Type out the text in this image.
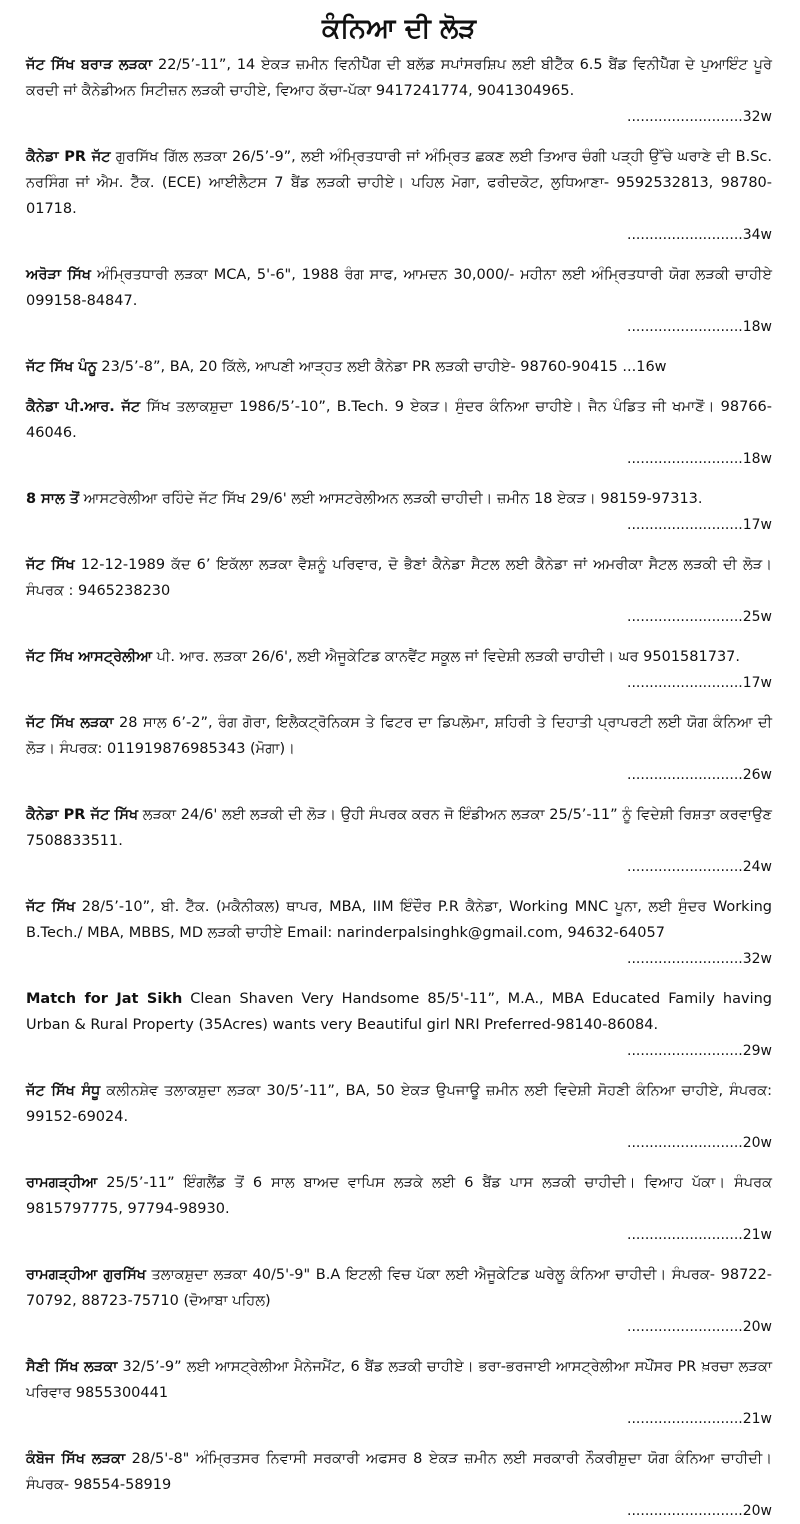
ਕੰਨਿਆ ਦੀ ਲੋੜ

ਜੱਟ ਸਿੱਖ ਬਰਾੜ ਲੜਕਾ 22/5’-11”, 14 ਏਕੜ ਜ਼ਮੀਨ ਵਿਨੀਪੈੱਗ ਦੀ ਬਲੱਡ ਸਪਾਂਸਰਸ਼ਿਪ ਲਈ ਬੀਟੈੱਕ 6.5 ਬੈਂਡ ਵਿਨੀਪੈੱਗ ਦੇ ਪੁਆਇੰਟ ਪੂਰੇ ਕਰਦੀ ਜਾਂ ਕੈਨੇਡੀਅਨ ਸਿਟੀਜ਼ਨ ਲੜਕੀ ਚਾਹੀਏ, ਵਿਆਹ ਕੱਚਾ-ਪੱਕਾ 9417241774, 9041304965.

..........................32w

ਕੈਨੇਡਾ PR ਜੱਟ ਗੁਰਸਿੱਖ ਗਿੱਲ ਲੜਕਾ 26/5’-9”, ਲਈ ਅੰਮ੍ਰਿਤਧਾਰੀ ਜਾਂ ਅੰਮ੍ਰਿਤ ਛਕਣ ਲਈ ਤਿਆਰ ਚੰਗੀ ਪੜ੍ਹੀ ਉੱਚੇ ਘਰਾਣੇ ਦੀ B.Sc. ਨਰਸਿੰਗ ਜਾਂ ਐਮ. ਟੈੱਕ. (ECE) ਆਈਲੈਟਸ 7 ਬੈਂਡ ਲੜਕੀ ਚਾਹੀਏ। ਪਹਿਲ ਮੋਗਾ, ਫਰੀਦਕੋਟ, ਲੁਧਿਆਣਾ- 9592532813, 98780-01718.

..........................34w

ਅਰੋੜਾ ਸਿੱਖ ਅੰਮ੍ਰਿਤਧਾਰੀ ਲੜਕਾ MCA, 5'-6", 1988 ਰੰਗ ਸਾਫ, ਆਮਦਨ 30,000/- ਮਹੀਨਾ ਲਈ ਅੰਮ੍ਰਿਤਧਾਰੀ ਯੋਗ ਲੜਕੀ ਚਾਹੀਏ 099158-84847.

..........................18w

ਜੱਟ ਸਿੱਖ ਪੰਨੂ 23/5’-8”, BA, 20 ਕਿੱਲੇ, ਆਪਣੀ ਆੜ੍ਹਤ ਲਈ ਕੈਨੇਡਾ PR ਲੜਕੀ ਚਾਹੀਏ- 98760-90415 ...16w

ਕੈਨੇਡਾ ਪੀ.ਆਰ. ਜੱਟ ਸਿੱਖ ਤਲਾਕਸ਼ੁਦਾ 1986/5’-10”, B.Tech. 9 ਏਕੜ। ਸੁੰਦਰ ਕੰਨਿਆ ਚਾਹੀਏ। ਜੈਨ ਪੰਡਿਤ ਜੀ ਖਮਾਣੋਂ। 98766-46046.

..........................18w

8 ਸਾਲ ਤੋਂ ਆਸਟਰੇਲੀਆ ਰਹਿੰਦੇ ਜੱਟ ਸਿੱਖ 29/6' ਲਈ ਆਸਟਰੇਲੀਅਨ ਲੜਕੀ ਚਾਹੀਦੀ। ਜ਼ਮੀਨ 18 ਏਕੜ। 98159-97313.

..........................17w

ਜੱਟ ਸਿੱਖ 12-12-1989 ਕੱਦ 6’ ਇਕੱਲਾ ਲੜਕਾ ਵੈਸ਼ਨੂੰ ਪਰਿਵਾਰ, ਦੋ ਭੈਣਾਂ ਕੈਨੇਡਾ ਸੈਟਲ ਲਈ ਕੈਨੇਡਾ ਜਾਂ ਅਮਰੀਕਾ ਸੈਟਲ ਲੜਕੀ ਦੀ ਲੋੜ। ਸੰਪਰਕ : 9465238230

..........................25w

ਜੱਟ ਸਿੱਖ ਆਸਟ੍ਰੇਲੀਆ ਪੀ. ਆਰ. ਲੜਕਾ 26/6', ਲਈ ਐਜੂਕੇਟਿਡ ਕਾਨਵੈਂਟ ਸਕੂਲ ਜਾਂ ਵਿਦੇਸ਼ੀ ਲੜਕੀ ਚਾਹੀਦੀ। ਘਰ 9501581737.

..........................17w

ਜੱਟ ਸਿੱਖ ਲੜਕਾ 28 ਸਾਲ 6’-2”, ਰੰਗ ਗੋਰਾ, ਇਲੈਕਟ੍ਰੋਨਿਕਸ ਤੇ ਫਿਟਰ ਦਾ ਡਿਪਲੋਮਾ, ਸ਼ਹਿਰੀ ਤੇ ਦਿਹਾਤੀ ਪ੍ਰਾਪਰਟੀ ਲਈ ਯੋਗ ਕੰਨਿਆ ਦੀ ਲੋੜ। ਸੰਪਰਕ: 011919876985343 (ਮੋਗਾ)।

..........................26w

ਕੈਨੇਡਾ PR ਜੱਟ ਸਿੱਖ ਲੜਕਾ 24/6' ਲਈ ਲੜਕੀ ਦੀ ਲੋੜ। ਉਹੀ ਸੰਪਰਕ ਕਰਨ ਜੋ ਇੰਡੀਅਨ ਲੜਕਾ 25/5’-11” ਨੂੰ ਵਿਦੇਸ਼ੀ ਰਿਸ਼ਤਾ ਕਰਵਾਉਣ 7508833511.

..........................24w

ਜੱਟ ਸਿੱਖ 28/5’-10”, ਬੀ. ਟੈੱਕ. (ਮਕੈਨੀਕਲ) ਥਾਪਰ, MBA, IIM ਇੰਦੌਰ P.R ਕੈਨੇਡਾ, Working MNC ਪੂਨਾ, ਲਈ ਸੁੰਦਰ Working B.Tech./ MBA, MBBS, MD ਲੜਕੀ ਚਾਹੀਏ Email: narinderpalsinghk@gmail.com, 94632-64057

..........................32w

Match for Jat Sikh Clean Shaven Very Handsome 85/5'-11”, M.A., MBA Educated Family having Urban & Rural Property (35Acres) wants very Beautiful girl NRI Preferred-98140-86084.

..........................29w

ਜੱਟ ਸਿੱਖ ਸੰਧੂ ਕਲੀਨਸ਼ੇਵ ਤਲਾਕਸ਼ੁਦਾ ਲੜਕਾ 30/5’-11”, BA, 50 ਏਕੜ ਉਪਜਾਊ ਜ਼ਮੀਨ ਲਈ ਵਿਦੇਸ਼ੀ ਸੋਹਣੀ ਕੰਨਿਆ ਚਾਹੀਏ, ਸੰਪਰਕ: 99152-69024.

..........................20w

ਰਾਮਗੜ੍ਹੀਆ 25/5’-11” ਇੰਗਲੈਂਡ ਤੋਂ 6 ਸਾਲ ਬਾਅਦ ਵਾਪਿਸ ਲੜਕੇ ਲਈ 6 ਬੈਂਡ ਪਾਸ ਲੜਕੀ ਚਾਹੀਦੀ। ਵਿਆਹ ਪੱਕਾ। ਸੰਪਰਕ 9815797775, 97794-98930.

..........................21w

ਰਾਮਗੜ੍ਹੀਆ ਗੁਰਸਿੱਖ ਤਲਾਕਸ਼ੁਦਾ ਲੜਕਾ 40/5'-9" B.A ਇਟਲੀ ਵਿਚ ਪੱਕਾ ਲਈ ਐਜੂਕੇਟਿਡ ਘਰੇਲੂ ਕੰਨਿਆ ਚਾਹੀਦੀ। ਸੰਪਰਕ- 98722-70792, 88723-75710 (ਦੋਆਬਾ ਪਹਿਲ)

..........................20w

ਸੈਣੀ ਸਿੱਖ ਲੜਕਾ 32/5’-9” ਲਈ ਆਸਟ੍ਰੇਲੀਆ ਮੈਨੇਜਮੈਂਟ, 6 ਬੈਂਡ ਲੜਕੀ ਚਾਹੀਏ। ਭਰਾ-ਭਰਜਾਈ ਆਸਟ੍ਰੇਲੀਆ ਸਪੌਂਸਰ PR ਖ਼ਰਚਾ ਲੜਕਾ ਪਰਿਵਾਰ 9855300441

..........................21w

ਕੰਬੋਜ ਸਿੱਖ ਲੜਕਾ 28/5'-8" ਅੰਮ੍ਰਿਤਸਰ ਨਿਵਾਸੀ ਸਰਕਾਰੀ ਅਫਸਰ 8 ਏਕੜ ਜ਼ਮੀਨ ਲਈ ਸਰਕਾਰੀ ਨੌਕਰੀਸ਼ੁਦਾ ਯੋਗ ਕੰਨਿਆ ਚਾਹੀਦੀ। ਸੰਪਰਕ- 98554-58919

..........................20w
